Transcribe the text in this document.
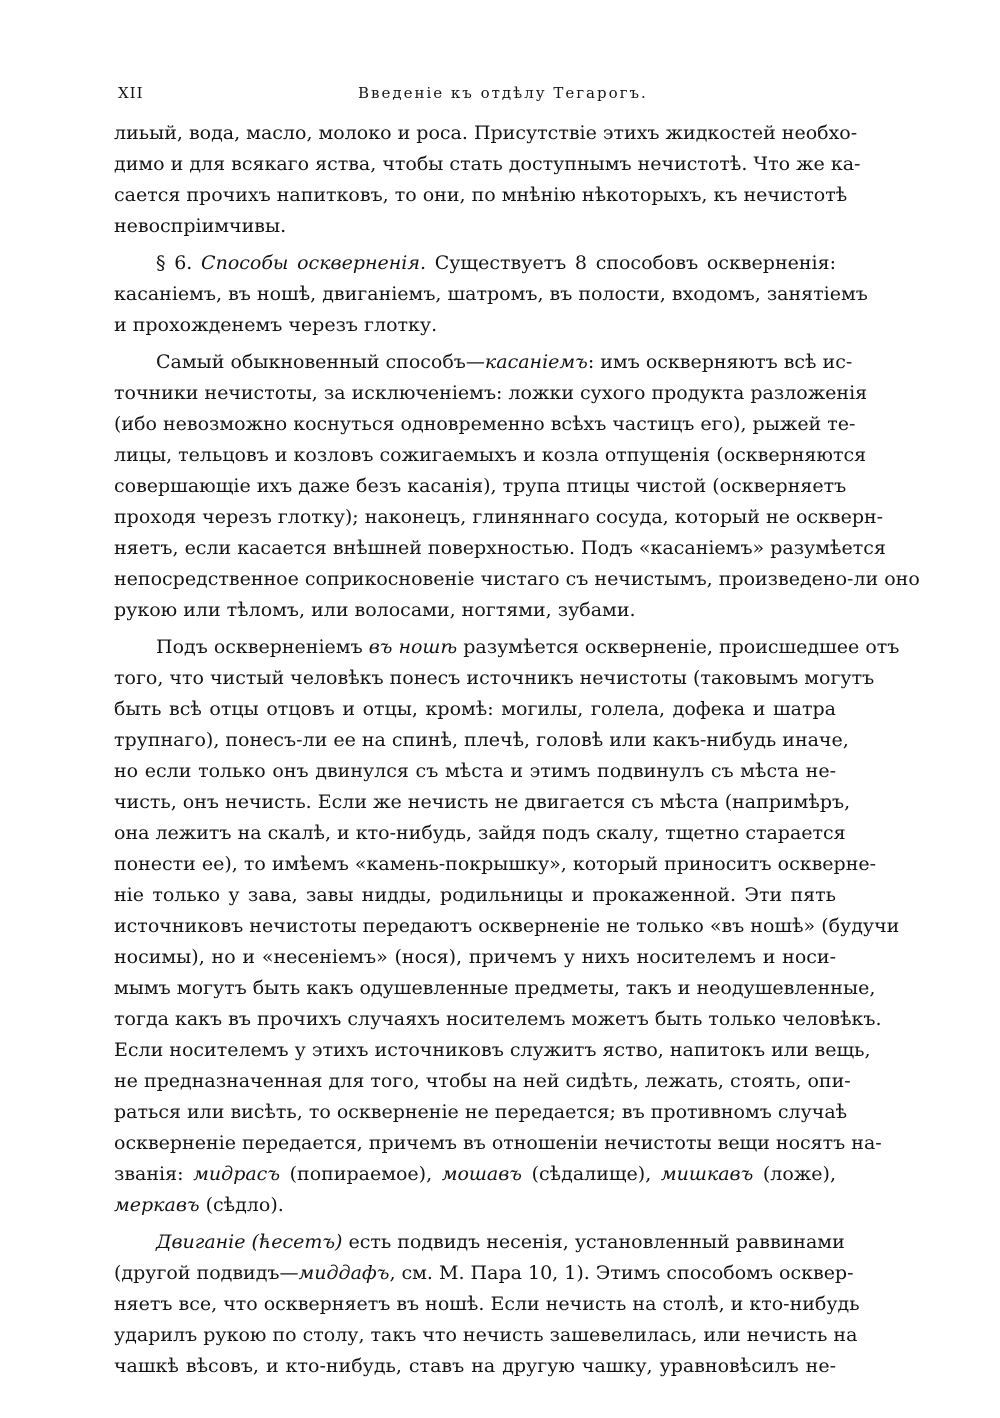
XII	Введеніе къ отдѣлу Тегарогъ.
лиьый, вода, масло, молоко и роса. Присутствіе этихъ жидкостей необхо-
димо и для всякаго яства, чтобы стать доступнымъ нечистотѣ. Что же ка-
сается прочихъ напитковъ, то они, по мнѣнію нѣкоторыхъ, къ нечистотѣ
невоспріимчивы.
§ 6. Способы оскверненія. Существуетъ 8 способовъ оскверненія:
касаніемъ, въ ношѣ, двиганіемъ, шатромъ, въ полости, входомъ, занятіемъ
и прохожденемъ черезъ глотку.
Самый обыкновенный способъ—касаніемъ: имъ оскверняютъ всѣ ис-
точники нечистоты, за исключеніемъ: ложки сухого продукта разложенія
(ибо невозможно коснуться одновременно всѣхъ частицъ его), рыжей те-
лицы, тельцовъ и козловъ сожигаемыхъ и козла отпущенія (оскверняются
совершающіе ихъ даже безъ касанія), трупа птицы чистой (оскверняетъ
проходя черезъ глотку); наконецъ, глиняннаго сосуда, который не оскверн-
няетъ, если касается внѣшней поверхностью. Подъ «касаніемъ» разумѣется
непосредственное соприкосновеніе чистаго съ нечистымъ, произведено-ли оно
рукою или тѣломъ, или волосами, ногтями, зубами.
Подъ оскверненіемъ въ ношѣ разумѣется оскверненіе, происшедшее отъ
того, что чистый человѣкъ понесъ источникъ нечистоты (таковымъ могутъ
быть всѣ отцы отцовъ и отцы, кромѣ: могилы, голела, дофека и шатра
трупнаго), понесъ-ли ее на спинѣ, плечѣ, головѣ или какъ-нибудь иначе,
но если только онъ двинулся съ мѣста и этимъ подвинулъ съ мѣста не-
чисть, онъ нечисть. Если же нечисть не двигается съ мѣста (напримѣръ,
она лежитъ на скалѣ, и кто-нибудь, зайдя подъ скалу, тщетно старается
понести ее), то имѣемъ «камень-покрышку», который приноситъ оскверне-
ніе только у зава, завы нидды, родильницы и прокаженной. Эти пять
источниковъ нечистоты передаютъ оскверненіе не только «въ ношѣ» (будучи
носимы), но и «несеніемъ» (нося), причемъ у нихъ носителемъ и носи-
мымъ могутъ быть какъ одушевленные предметы, такъ и неодушевленные,
тогда какъ въ прочихъ случаяхъ носителемъ можетъ быть только человѣкъ.
Если носителемъ у этихъ источниковъ служитъ яство, напитокъ или вещь,
не предназначенная для того, чтобы на ней сидѣть, лежать, стоять, опи-
раться или висѣть, то оскверненіе не передается; въ противномъ случаѣ
оскверненіе передается, причемъ въ отношеніи нечистоты вещи носятъ на-
званія: мидрасъ (попираемое), мошавъ (сѣдалище), мишкавъ (ложе),
меркавъ (сѣдло).
Двиганіе (ћесетъ) есть подвидъ несенія, установленный раввинами
(другой подвидъ—миддафъ, см. М. Пара 10, 1). Этимъ способомъ осквер-
няетъ все, что оскверняетъ въ ношѣ. Если нечисть на столѣ, и кто-нибудь
ударилъ рукою по столу, такъ что нечисть зашевелилась, или нечисть на
чашкѣ вѣсовъ, и кто-нибудь, ставъ на другую чашку, уравновѣсилъ не-
